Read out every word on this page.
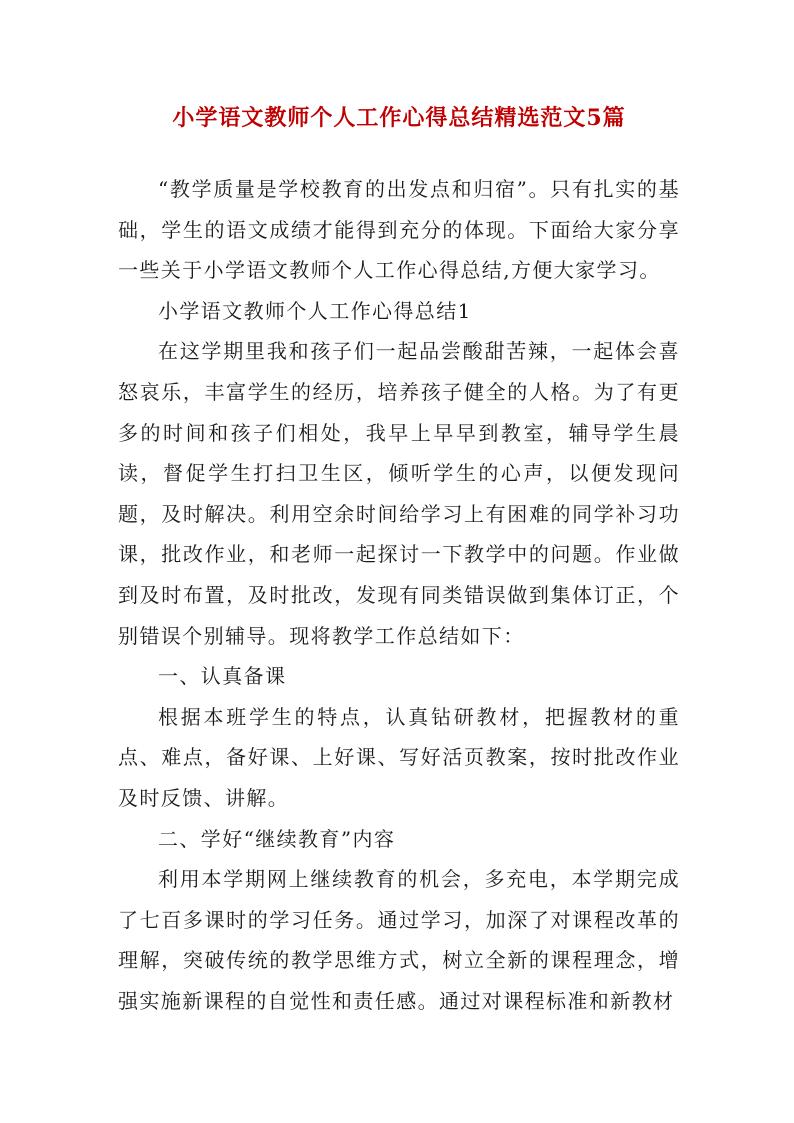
小学语文教师个人工作心得总结精选范文5篇

“教学质量是学校教育的出发点和归宿”。只有扎实的基础，学生的语文成绩才能得到充分的体现。下面给大家分享一些关于小学语文教师个人工作心得总结,方便大家学习。

小学语文教师个人工作心得总结1

在这学期里我和孩子们一起品尝酸甜苦辣，一起体会喜怒哀乐，丰富学生的经历，培养孩子健全的人格。为了有更多的时间和孩子们相处，我早上早早到教室，辅导学生晨读，督促学生打扫卫生区，倾听学生的心声，以便发现问题，及时解决。利用空余时间给学习上有困难的同学补习功课，批改作业，和老师一起探讨一下教学中的问题。作业做到及时布置，及时批改，发现有同类错误做到集体订正，个别错误个别辅导。现将教学工作总结如下：

一、认真备课

根据本班学生的特点，认真钻研教材，把握教材的重点、难点，备好课、上好课、写好活页教案，按时批改作业及时反馈、讲解。

二、学好“继续教育”内容

利用本学期网上继续教育的机会，多充电，本学期完成了七百多课时的学习任务。通过学习，加深了对课程改革的理解，突破传统的教学思维方式，树立全新的课程理念，增强实施新课程的自觉性和责任感。通过对课程标准和新教材
